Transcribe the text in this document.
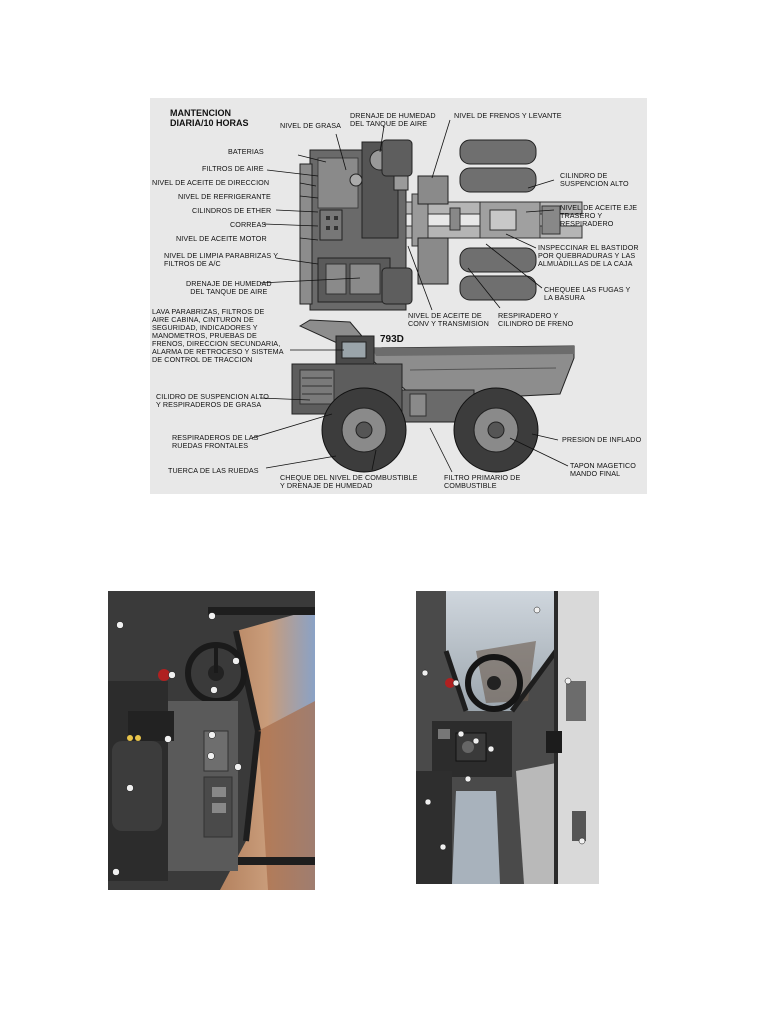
MANTENCION
DIARIA/10 HORAS
793D
NIVEL DE GRASA
DRENAJE DE HUMEDAD
DEL TANQUE DE AIRE
NIVEL DE FRENOS Y LEVANTE
BATERIAS
FILTROS DE AIRE
NIVEL DE ACEITE DE DIRECCION
NIVEL DE REFRIGERANTE
CILINDROS DE ETHER
CORREAS
NIVEL DE ACEITE MOTOR
NIVEL DE LIMPIA PARABRIZAS Y
FILTROS DE A/C
DRENAJE DE HUMEDAD
DEL TANQUE DE AIRE
CILINDRO DE
SUSPENCION ALTO
NIVEL DE ACEITE EJE
TRASERO Y
RESPIRADERO
INSPECCINAR EL BASTIDOR
POR QUEBRADURAS Y LAS
ALMUADILLAS DE LA CAJA
CHEQUEE LAS FUGAS Y
LA BASURA
NIVEL DE ACEITE DE
CONV Y TRANSMISION
RESPIRADERO Y
CILINDRO DE FRENO
LAVA PARABRIZAS, FILTROS DE
AIRE CABINA, CINTURON DE
SEGURIDAD, INDICADORES Y
MANOMETROS, PRUEBAS DE
FRENOS, DIRECCION SECUNDARIA,
ALARMA DE RETROCESO Y SISTEMA
DE CONTROL DE TRACCION
CILIDRO DE SUSPENCION ALTO
Y RESPIRADEROS DE GRASA
RESPIRADEROS DE LAS
RUEDAS FRONTALES
TUERCA DE LAS RUEDAS
CHEQUE DEL NIVEL DE COMBUSTIBLE
Y DRENAJE DE HUMEDAD
FILTRO PRIMARIO DE
COMBUSTIBLE
PRESION DE INFLADO
TAPON MAGETICO
MANDO FINAL
